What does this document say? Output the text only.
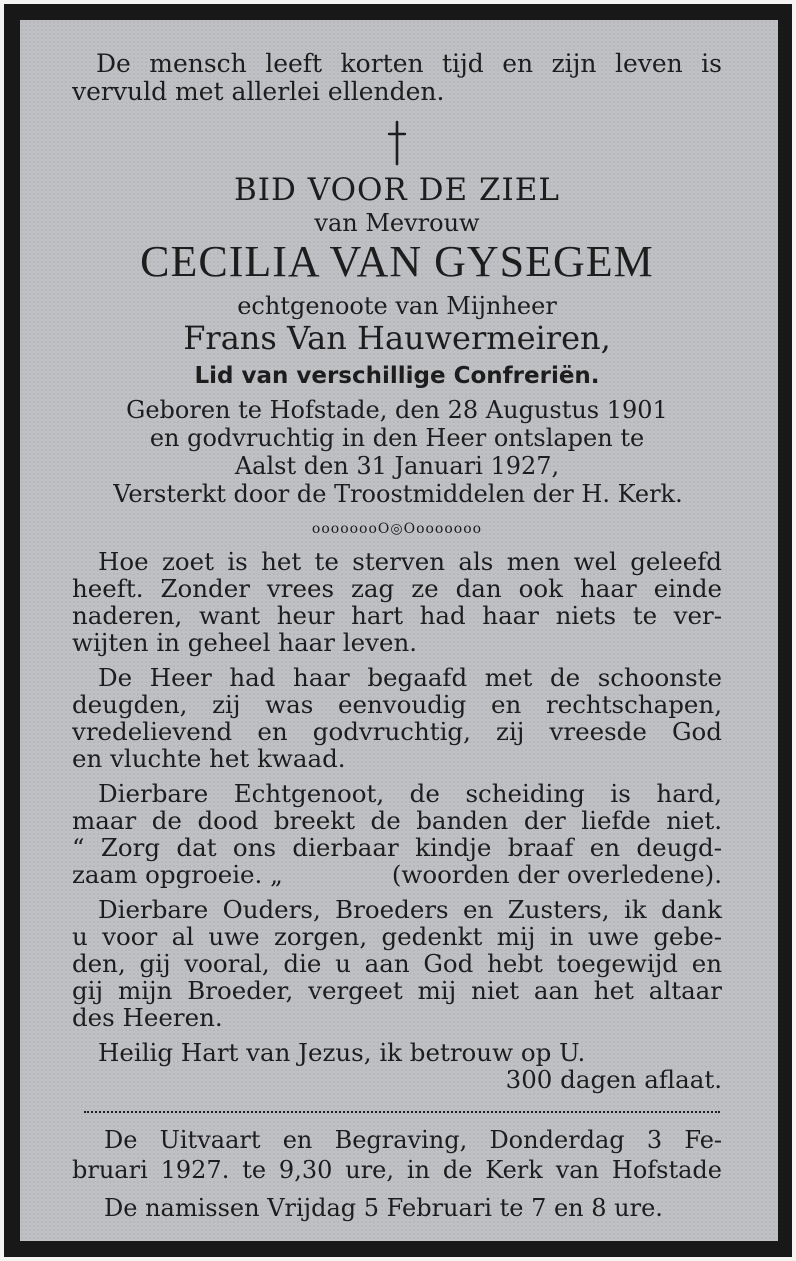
De mensch leeft korten tijd en zijn leven is
vervuld met allerlei ellenden.
BID VOOR DE ZIEL
van Mevrouw
CECILIA VAN GYSEGEM
echtgenoote van Mijnheer
Frans Van Hauwermeiren,
Lid van verschillige Confreriën.
Geboren te Hofstade, den 28 Augustus 1901
en godvruchtig in den Heer ontslapen te
Aalst den 31 Januari 1927,
Versterkt door de Troostmiddelen der H. Kerk.
oooooooO◎Oooooooo
Hoe zoet is het te sterven als men wel geleefd
heeft. Zonder vrees zag ze dan ook haar einde
naderen, want heur hart had haar niets te ver-
wijten in geheel haar leven.
De Heer had haar begaafd met de schoonste
deugden, zij was eenvoudig en rechtschapen,
vredelievend en godvruchtig, zij vreesde God
en vluchte het kwaad.
Dierbare Echtgenoot, de scheiding is hard,
maar de dood breekt de banden der liefde niet.
“ Zorg dat ons dierbaar kindje braaf en deugd-
zaam opgroeie. „	(woorden der overledene).
Dierbare Ouders, Broeders en Zusters, ik dank
u voor al uwe zorgen, gedenkt mij in uwe gebe-
den, gij vooral, die u aan God hebt toegewijd en
gij mijn Broeder, vergeet mij niet aan het altaar
des Heeren.
Heilig Hart van Jezus, ik betrouw op U.
300 dagen aflaat.
De Uitvaart en Begraving, Donderdag 3 Fe-
bruari 1927. te 9,30 ure, in de Kerk van Hofstade
De namissen Vrijdag 5 Februari te 7 en 8 ure.
